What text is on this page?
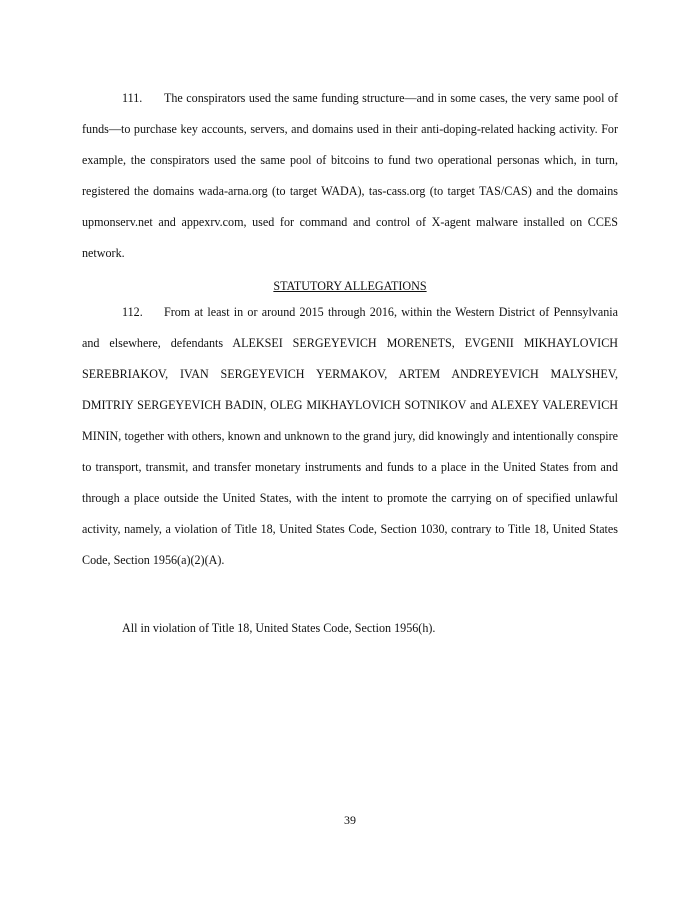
111. The conspirators used the same funding structure—and in some cases, the very same pool of funds—to purchase key accounts, servers, and domains used in their anti-doping-related hacking activity. For example, the conspirators used the same pool of bitcoins to fund two operational personas which, in turn, registered the domains wada-arna.org (to target WADA), tas-cass.org (to target TAS/CAS) and the domains upmonserv.net and appexrv.com, used for command and control of X-agent malware installed on CCES network.
STATUTORY ALLEGATIONS
112. From at least in or around 2015 through 2016, within the Western District of Pennsylvania and elsewhere, defendants ALEKSEI SERGEYEVICH MORENETS, EVGENII MIKHAYLOVICH SEREBRIAKOV, IVAN SERGEYEVICH YERMAKOV, ARTEM ANDREYEVICH MALYSHEV, DMITRIY SERGEYEVICH BADIN, OLEG MIKHAYLOVICH SOTNIKOV and ALEXEY VALEREVICH MININ, together with others, known and unknown to the grand jury, did knowingly and intentionally conspire to transport, transmit, and transfer monetary instruments and funds to a place in the United States from and through a place outside the United States, with the intent to promote the carrying on of specified unlawful activity, namely, a violation of Title 18, United States Code, Section 1030, contrary to Title 18, United States Code, Section 1956(a)(2)(A).
All in violation of Title 18, United States Code, Section 1956(h).
39
